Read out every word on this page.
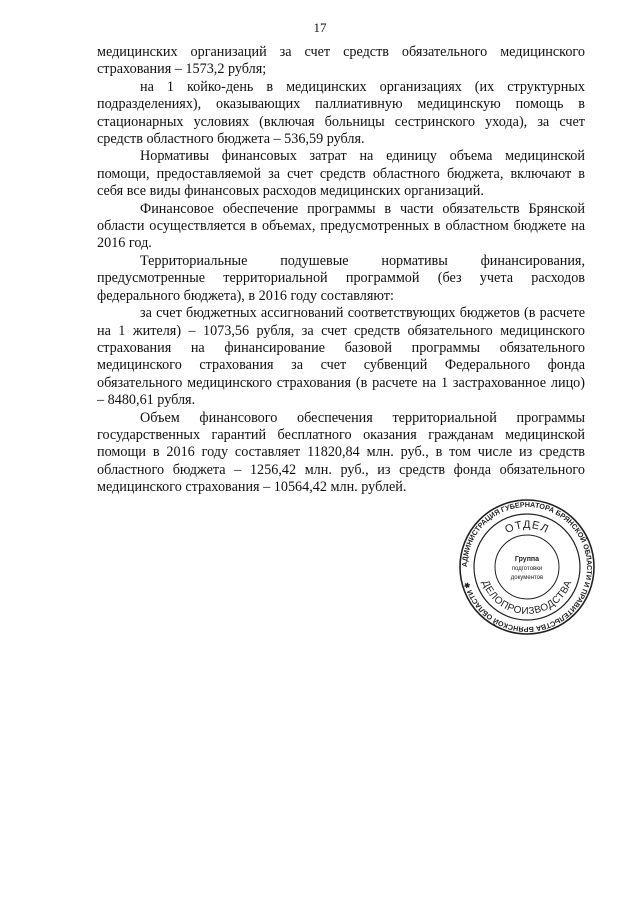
17

медицинских организаций за счет средств обязательного медицинского страхования – 1573,2 рубля;

на 1 койко-день в медицинских организациях (их структурных подразделениях), оказывающих паллиативную медицинскую помощь в стационарных условиях (включая больницы сестринского ухода), за счет средств областного бюджета – 536,59 рубля.

Нормативы финансовых затрат на единицу объема медицинской помощи, предоставляемой за счет средств областного бюджета, включают в себя все виды финансовых расходов медицинских организаций.

Финансовое обеспечение программы в части обязательств Брянской области осуществляется в объемах, предусмотренных в областном бюджете на 2016 год.

Территориальные подушевые нормативы финансирования, предусмотренные территориальной программой (без учета расходов федерального бюджета), в 2016 году составляют:

за счет бюджетных ассигнований соответствующих бюджетов (в расчете на 1 жителя) – 1073,56 рубля, за счет средств обязательного медицинского страхования на финансирование базовой программы обязательного медицинского страхования за счет субвенций Федерального фонда обязательного медицинского страхования (в расчете на 1 застрахованное лицо) – 8480,61 рубля.

Объем финансового обеспечения территориальной программы государственных гарантий бесплатного оказания гражданам медицинской помощи в 2016 году составляет 11820,84 млн. руб., в том числе из средств областного бюджета – 1256,42 млн. руб., из средств фонда обязательного медицинского страхования – 10564,42 млн. рублей.

АДМИНИСТРАЦИЯ ГУБЕРНАТОРА БРЯНСКОЙ ОБЛАСТИ И ПРАВИТЕЛЬСТВА БРЯНСКОЙ ОБЛАСТИ ✱
ОТДЕЛ
ДЕЛОПРОИЗВОДСТВА
Группа
подготовки
документов
